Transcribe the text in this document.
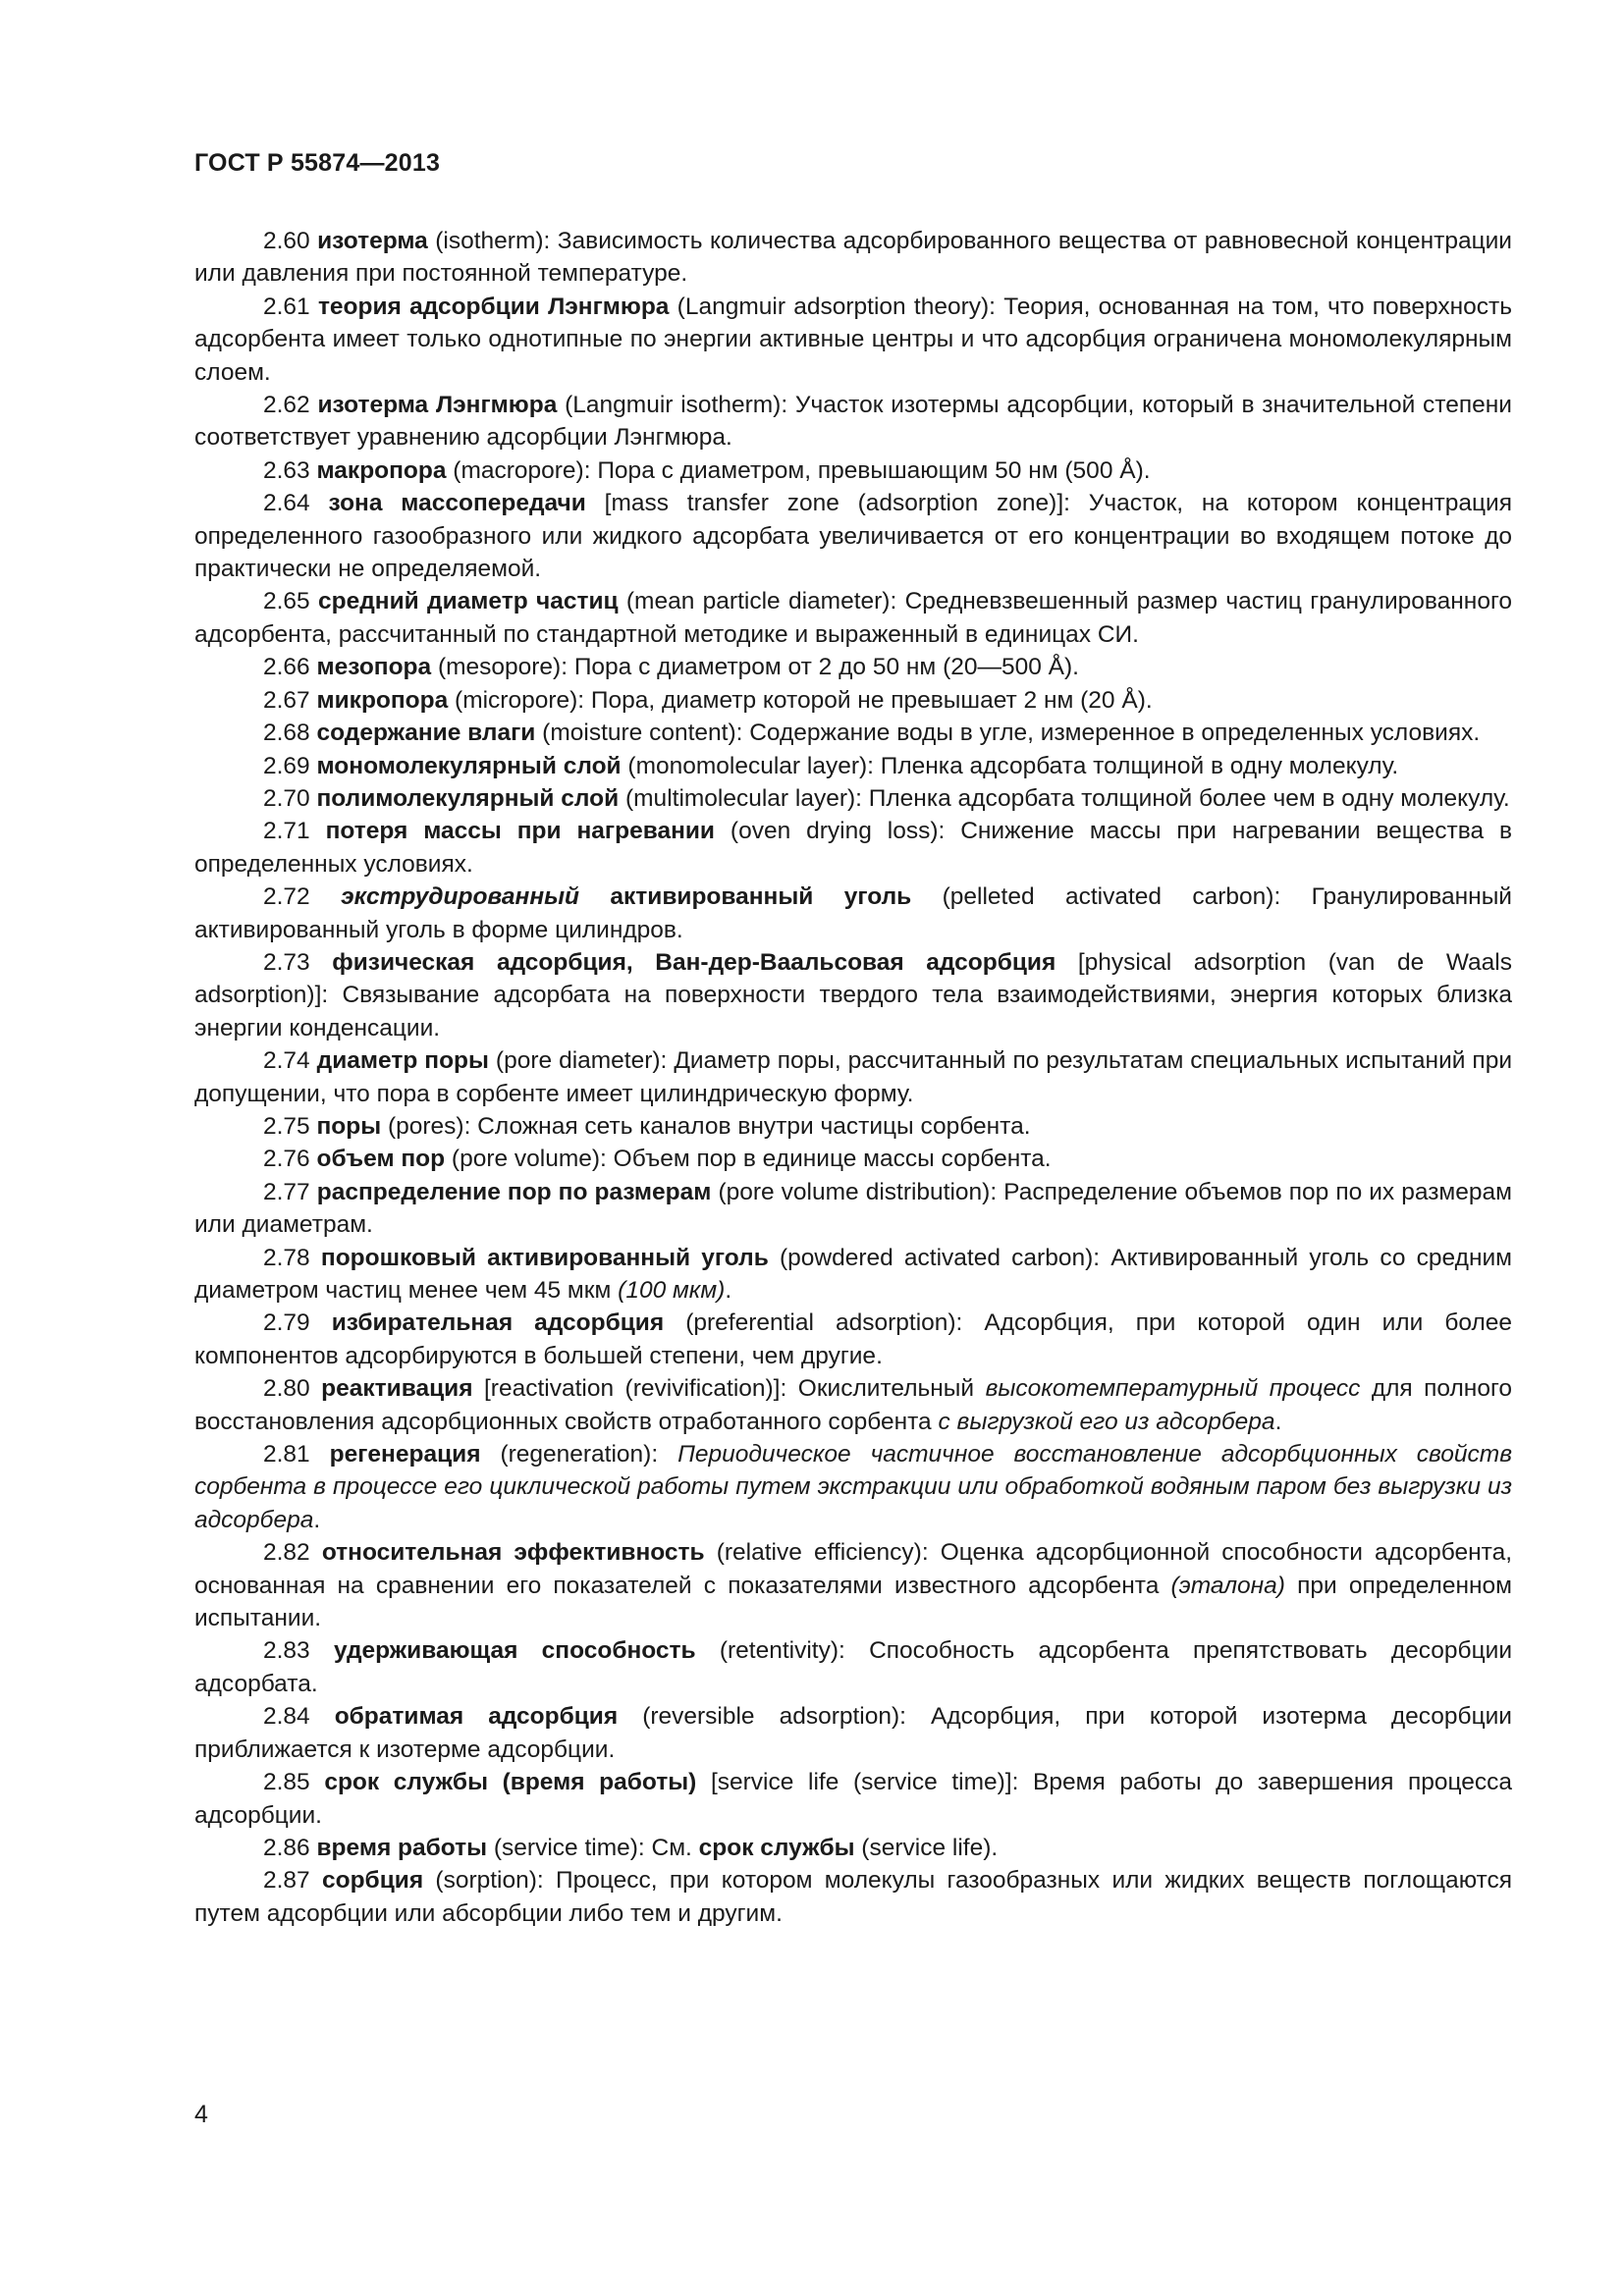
ГОСТ Р 55874—2013

2.60 изотерма (isotherm): Зависимость количества адсорбированного вещества от равновесной концентрации или давления при постоянной температуре.

2.61 теория адсорбции Лэнгмюра (Langmuir adsorption theory): Теория, основанная на том, что поверхность адсорбента имеет только однотипные по энергии активные центры и что адсорбция ограничена мономолекулярным слоем.

2.62 изотерма Лэнгмюра (Langmuir isotherm): Участок изотермы адсорбции, который в значительной степени соответствует уравнению адсорбции Лэнгмюра.

2.63 макропора (macropore): Пора с диаметром, превышающим 50 нм (500 Å).

2.64 зона массопередачи [mass transfer zone (adsorption zone)]: Участок, на котором концентрация определенного газообразного или жидкого адсорбата увеличивается от его концентрации во входящем потоке до практически не определяемой.

2.65 средний диаметр частиц (mean particle diameter): Средневзвешенный размер частиц гранулированного адсорбента, рассчитанный по стандартной методике и выраженный в единицах СИ.

2.66 мезопора (mesopore): Пора с диаметром от 2 до 50 нм (20—500 Å).

2.67 микропора (micropore): Пора, диаметр которой не превышает 2 нм (20 Å).

2.68 содержание влаги (moisture content): Содержание воды в угле, измеренное в определенных условиях.

2.69 мономолекулярный слой (monomolecular layer): Пленка адсорбата толщиной в одну молекулу.

2.70 полимолекулярный слой (multimolecular layer): Пленка адсорбата толщиной более чем в одну молекулу.

2.71 потеря массы при нагревании (oven drying loss): Снижение массы при нагревании вещества в определенных условиях.

2.72 экструдированный активированный уголь (pelleted activated carbon): Гранулированный активированный уголь в форме цилиндров.

2.73 физическая адсорбция, Ван-дер-Ваальсовая адсорбция [physical adsorption (van de Waals adsorption)]: Связывание адсорбата на поверхности твердого тела взаимодействиями, энергия которых близка энергии конденсации.

2.74 диаметр поры (pore diameter): Диаметр поры, рассчитанный по результатам специальных испытаний при допущении, что пора в сорбенте имеет цилиндрическую форму.

2.75 поры (pores): Сложная сеть каналов внутри частицы сорбента.

2.76 объем пор (pore volume): Объем пор в единице массы сорбента.

2.77 распределение пор по размерам (pore volume distribution): Распределение объемов пор по их размерам или диаметрам.

2.78 порошковый активированный уголь (powdered activated carbon): Активированный уголь со средним диаметром частиц менее чем 45 мкм (100 мкм).

2.79 избирательная адсорбция (preferential adsorption): Адсорбция, при которой один или более компонентов адсорбируются в большей степени, чем другие.

2.80 реактивация [reactivation (revivification)]: Окислительный высокотемпературный процесс для полного восстановления адсорбционных свойств отработанного сорбента с выгрузкой его из адсорбера.

2.81 регенерация (regeneration): Периодическое частичное восстановление адсорбционных свойств сорбента в процессе его циклической работы путем экстракции или обработкой водяным паром без выгрузки из адсорбера.

2.82 относительная эффективность (relative efficiency): Оценка адсорбционной способности адсорбента, основанная на сравнении его показателей с показателями известного адсорбента (эталона) при определенном испытании.

2.83 удерживающая способность (retentivity): Способность адсорбента препятствовать десорбции адсорбата.

2.84 обратимая адсорбция (reversible adsorption): Адсорбция, при которой изотерма десорбции приближается к изотерме адсорбции.

2.85 срок службы (время работы) [service life (service time)]: Время работы до завершения процесса адсорбции.

2.86 время работы (service time): См. срок службы (service life).

2.87 сорбция (sorption): Процесс, при котором молекулы газообразных или жидких веществ поглощаются путем адсорбции или абсорбции либо тем и другим.

4
